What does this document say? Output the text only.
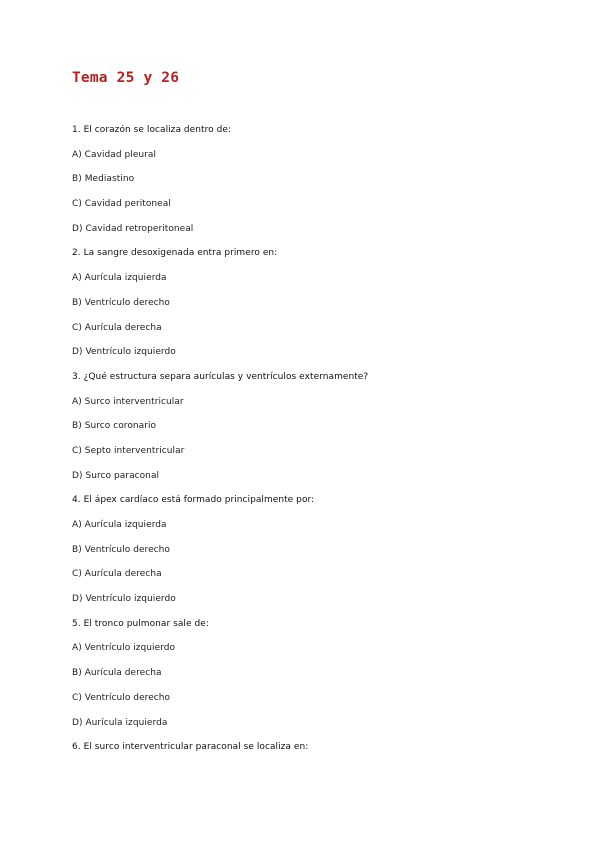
Tema 25 y 26
1. El corazón se localiza dentro de:
A) Cavidad pleural
B) Mediastino
C) Cavidad peritoneal
D) Cavidad retroperitoneal
2. La sangre desoxigenada entra primero en:
A) Aurícula izquierda
B) Ventrículo derecho
C) Aurícula derecha
D) Ventrículo izquierdo
3. ¿Qué estructura separa aurículas y ventrículos externamente?
A) Surco interventricular
B) Surco coronario
C) Septo interventricular
D) Surco paraconal
4. El ápex cardíaco está formado principalmente por:
A) Aurícula izquierda
B) Ventrículo derecho
C) Aurícula derecha
D) Ventrículo izquierdo
5. El tronco pulmonar sale de:
A) Ventrículo izquierdo
B) Aurícula derecha
C) Ventrículo derecho
D) Aurícula izquierda
6. El surco interventricular paraconal se localiza en:
